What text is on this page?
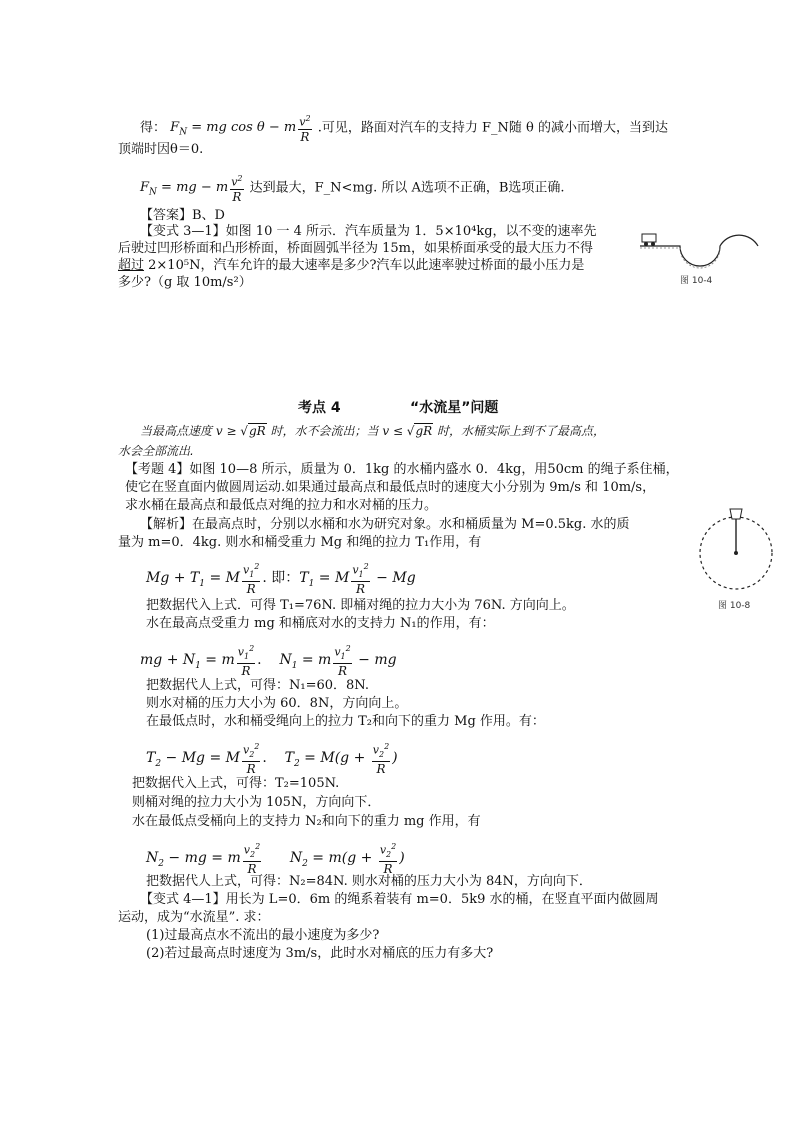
得： $F_N$ = mg cos θ − m $\frac{v^2}{R}$ .可见，路面对汽车的支持力 F_N随 θ 的减小而增大，当到达
顶端时因θ＝0.
$F_N$ = mg − m $\frac{v^2}{R}$ 达到最大，F_N<mg. 所以 A选项不正确，B选项正确.
【答案】B、D
【变式 3—1】如图 10 一 4 所示．汽车质量为 1．5×10⁴kg，以不变的速率先
后驶过凹形桥面和凸形桥面，桥面圆弧半径为 15m，如果桥面承受的最大压力不得
超过 2×10⁵N，汽车允许的最大速率是多少?汽车以此速率驶过桥面的最小压力是
多少?（g 取 10m/s²）	图 10-4
考点 4	“水流星”问题
当最高点速度 v ≥ √gR 时，水不会流出；当 v ≤ √gR 时，水桶实际上到不了最高点，
水会全部流出.
【考题 4】如图 10—8 所示，质量为 0．1kg 的水桶内盛水 0．4kg，用50cm 的绳子系住桶，
使它在竖直面内做圆周运动.如果通过最高点和最低点时的速度大小分别为 9m/s 和 10m/s，
求水桶在最高点和最低点对绳的拉力和水对桶的压力。
【解析】在最高点时，分别以水桶和水为研究对象。水和桶质量为 M=0.5kg. 水的质
量为 m=0．4kg. 则水和桶受重力 Mg 和绳的拉力 T₁作用，有
$Mg + T_1 = M \frac{v_1^2}{R}$ . 即：$T_1 = M \frac{v_1^2}{R} - Mg$
把数据代入上式．可得 T₁=76N. 即桶对绳的拉力大小为 76N. 方向向上。
水在最高点受重力 mg 和桶底对水的支持力 N₁的作用，有：
mg + $N_1 = m \frac{v_1^2}{R}$ .    $N_1 = m \frac{v_1^2}{R}$ − mg
把数据代人上式，可得：N₁=60．8N.
则水对桶的压力大小为 60．8N，方向向上。
在最低点时，水和桶受绳向上的拉力 T₂和向下的重力 Mg 作用。有：
$T_2 - Mg = M \frac{v_2^2}{R}$ .    $T_2 = M(g + \frac{v_2^2}{R}$ )
把数据代入上式，可得：T₂=105N.
则桶对绳的拉力大小为 105N，方向向下．
水在最低点受桶向上的支持力 N₂和向下的重力 mg 作用，有
$N_2$ − mg = m $\frac{v_2^2}{R} N_2 = m(g + \frac{v_2^2}{R}$ )
把数据代人上式，可得：N₂=84N. 则水对桶的压力大小为 84N，方向向下．
【变式 4—1】用长为 L=0．6m 的绳系着装有 m=0．5k9 水的桶，在竖直平面内做圆周
运动，成为“水流星”. 求：
(1)过最高点水不流出的最小速度为多少?
(2)若过最高点时速度为 3m/s，此时水对桶底的压力有多大?
图 10-8
